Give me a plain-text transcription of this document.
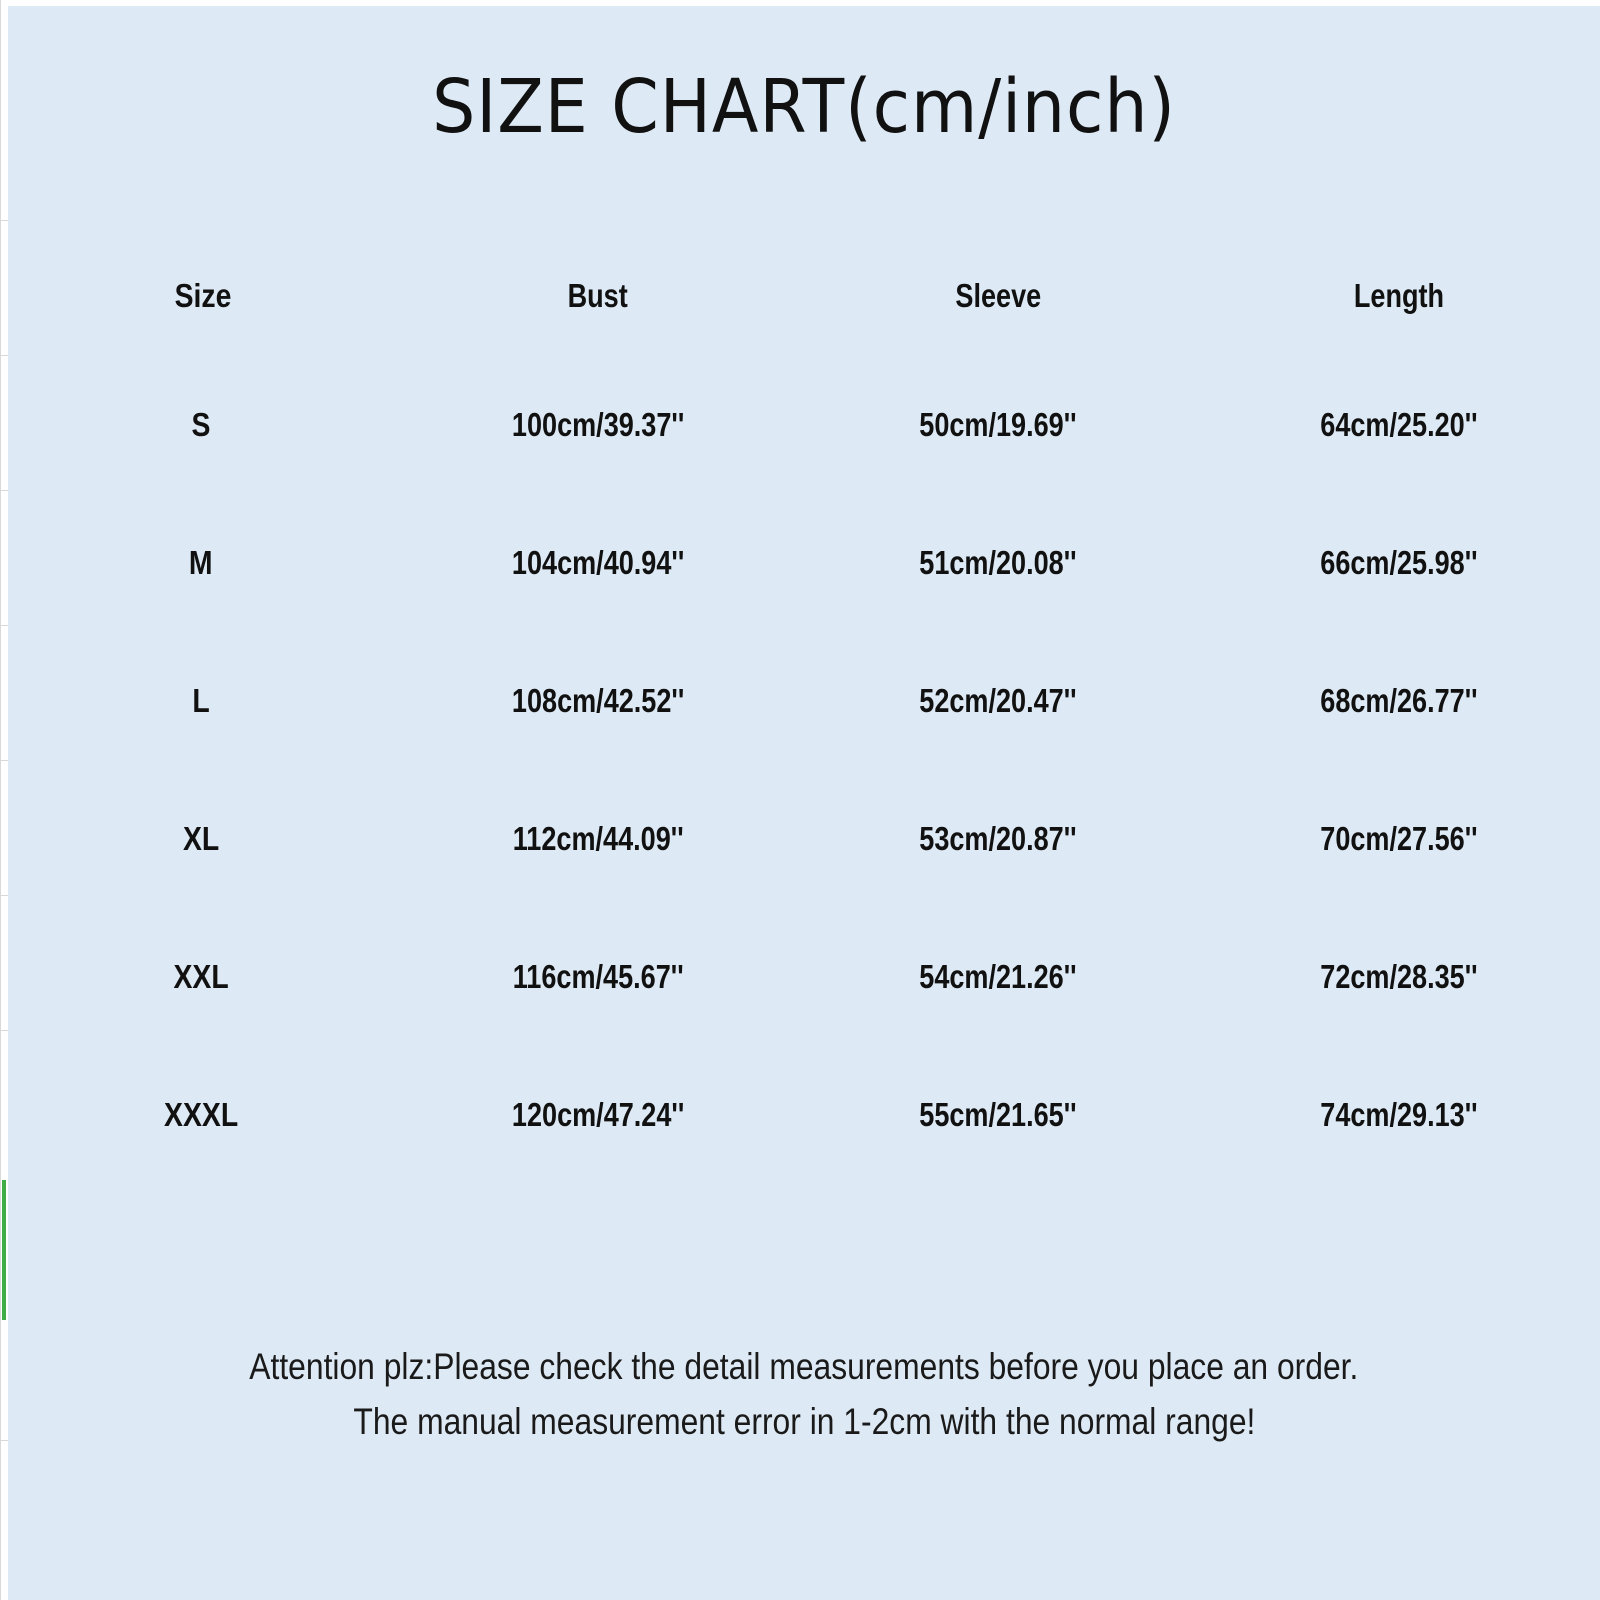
SIZE CHART(cm/inch)
Size	Bust	Sleeve	Length
S	100cm/39.37''	50cm/19.69''	64cm/25.20''
M	104cm/40.94''	51cm/20.08''	66cm/25.98''
L	108cm/42.52''	52cm/20.47''	68cm/26.77''
XL	112cm/44.09''	53cm/20.87''	70cm/27.56''
XXL	116cm/45.67''	54cm/21.26''	72cm/28.35''
XXXL	120cm/47.24''	55cm/21.65''	74cm/29.13''
Attention plz:Please check the detail measurements before you place an order.
The manual measurement error in 1-2cm with the normal range!
